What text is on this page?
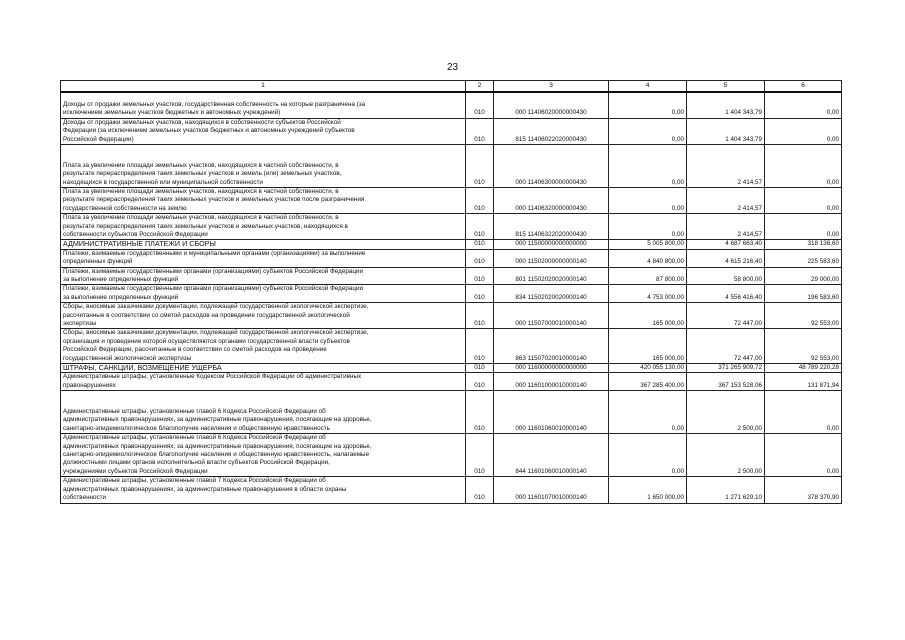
23
1	2	3	4	5	6
Доходы от продажи земельных участков, государственная собственность на которые разграничена (за
исключением земельных участков бюджетных и автономных учреждений)	010	000 11406020000000430	0,00	1 404 343,79	0,00
Доходы от продажи земельных участков, находящихся в собственности субъектов Российской
Федерации (за исключением земельных участков бюджетных и автономных учреждений субъектов
Российской Федерации)	010	815 11406022020000430	0,00	1 404 343,79	0,00
Плата за увеличение площади земельных участков, находящихся в частной собственности, в
результате перераспределения таких земельных участков и земель (или) земельных участков,
находящихся в государственной или муниципальной собственности	010	000 11406300000000430	0,00	2 414,57	0,00
Плата за увеличение площади земельных участков, находящихся в частной собственности, в
результате перераспределения таких земельных участков и земельных участков после разграничения
государственной собственности на землю	010	000 11406320000000430	0,00	2 414,57	0,00
Плата за увеличение площади земельных участков, находящихся в частной собственности, в
результате перераспределения таких земельных участков и земельных участков, находящихся в
собственности субъектов Российской Федерации	010	815 11406322020000430	0,00	2 414,57	0,00
АДМИНИСТРАТИВНЫЕ ПЛАТЕЖИ И СБОРЫ	010	000 11500000000000000	5 005 800,00	4 687 663,40	318 136,60
Платежи, взимаемые государственными и муниципальными органами (организациями) за выполнение
определенных функций	010	000 11502000000000140	4 840 800,00	4 615 216,40	225 583,60
Платежи, взимаемые государственными органами (организациями) субъектов Российской Федерации
за выполнение определенных функций	010	801 11502020020000140	87 800,00	58 800,00	29 000,00
Платежи, взимаемые государственными органами (организациями) субъектов Российской Федерации
за выполнение определенных функций	010	834 11502020020000140	4 753 000,00	4 556 416,40	196 583,60
Сборы, вносимые заказчиками документации, подлежащей государственной экологической экспертизе,
рассчитанные в соответствии со сметой расходов на проведение государственной экологической
экспертизы	010	000 11507000010000140	165 000,00	72 447,00	92 553,00
Сборы, вносимые заказчиками документации, подлежащей государственной экологической экспертизе,
организация и проведение которой осуществляются органами государственной власти субъектов
Российской Федерации, рассчитанные в соответствии со сметой расходов на проведение
государственной экологической экспертизы	010	863 11507020010000140	165 000,00	72 447,00	92 553,00
ШТРАФЫ, САНКЦИИ, ВОЗМЕЩЕНИЕ УЩЕРБА	010	000 11600000000000000	420 055 130,00	371 265 909,72	48 789 220,28
Административные штрафы, установленные Кодексом Российской Федерации об административных
правонарушениях	010	000 11601000010000140	367 285 400,00	367 153 528,06	131 871,94
Административные штрафы, установленные главой 6 Кодекса Российской Федерации об
административных правонарушениях, за административные правонарушения, посягающие на здоровье,
санитарно-эпидемиологическое благополучие населения и общественную нравственность	010	000 11601060010000140	0,00	2 500,00	0,00
Административные штрафы, установленные главой 6 Кодекса Российской Федерации об
административных правонарушениях, за административные правонарушения, посягающие на здоровье,
санитарно-эпидемиологическое благополучие населения и общественную нравственность, налагаемые
должностными лицами органов исполнительной власти субъектов Российской Федерации,
учреждениями субъектов Российской Федерации	010	844 11601060010000140	0,00	2 500,00	0,00
Административные штрафы, установленные главой 7 Кодекса Российской Федерации об
административных правонарушениях, за административные правонарушения в области охраны
собственности	010	000 11601070010000140	1 650 000,00	1 271 629,10	378 370,90
